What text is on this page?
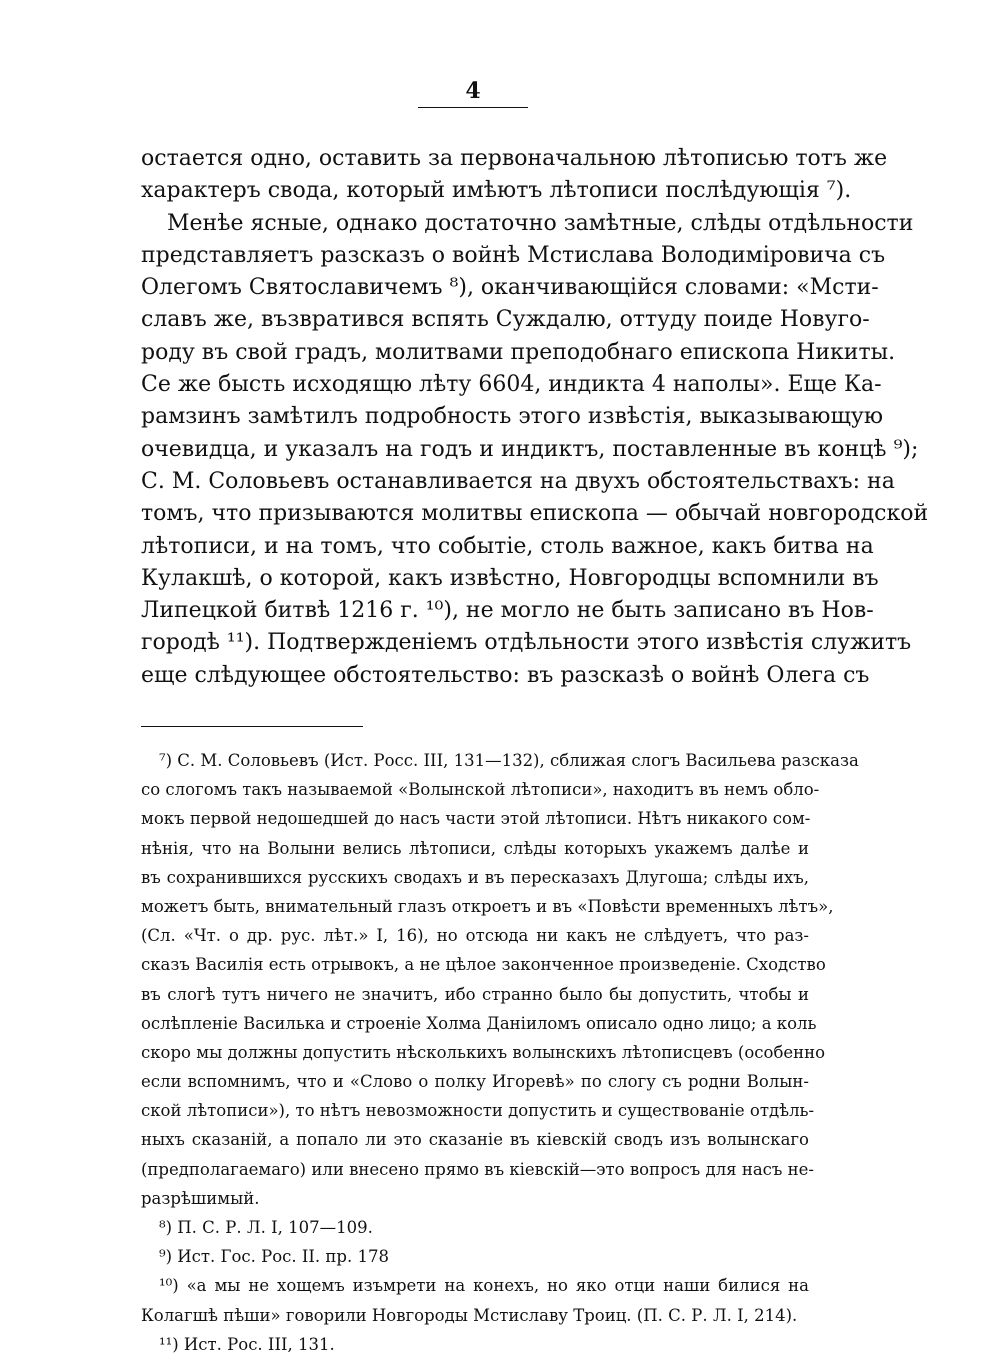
4
остается одно, оставить за первоначальною лѣтописью тотъ же
характеръ свода, который имѣютъ лѣтописи послѣдующія ⁷).
Менѣе ясные, однако достаточно замѣтные, слѣды отдѣльности
представляетъ разсказъ о войнѣ Мстислава Володиміровича съ
Олегомъ Святославичемъ ⁸), оканчивающійся словами: «Мсти-
славъ же, възвратився вспять Суждалю, оттуду поиде Новуго-
роду въ свой градъ, молитвами преподобнаго епископа Никиты.
Се же бысть исходящю лѣту 6604, индикта 4 наполы». Еще Ка-
рамзинъ замѣтилъ подробность этого извѣстія, выказывающую
очевидца, и указалъ на годъ и индиктъ, поставленные въ концѣ ⁹);
С. М. Соловьевъ останавливается на двухъ обстоятельствахъ: на
томъ, что призываются молитвы епископа — обычай новгородской
лѣтописи, и на томъ, что событіе, столь важное, какъ битва на
Кулакшѣ, о которой, какъ извѣстно, Новгородцы вспомнили въ
Липецкой битвѣ 1216 г. ¹⁰), не могло не быть записано въ Нов-
городѣ ¹¹). Подтвержденіемъ отдѣльности этого извѣстія служитъ
еще слѣдующее обстоятельство: въ разсказѣ о войнѣ Олега съ
⁷) С. М. Соловьевъ (Ист. Росс. III, 131—132), сближая слогъ Васильева разсказа
со слогомъ такъ называемой «Волынской лѣтописи», находитъ въ немъ обло-
мокъ первой недошедшей до насъ части этой лѣтописи. Нѣтъ никакого сом-
нѣнія, что на Волыни велись лѣтописи, слѣды которыхъ укажемъ далѣе и
въ сохранившихся русскихъ сводахъ и въ пересказахъ Длугоша; слѣды ихъ,
можетъ быть, внимательный глазъ откроетъ и въ «Повѣсти временныхъ лѣтъ»,
(Сл. «Чт. о др. рус. лѣт.» I, 16), но отсюда ни какъ не слѣдуетъ, что раз-
сказъ Василія есть отрывокъ, а не цѣлое законченное произведеніе. Сходство
въ слогѣ тутъ ничего не значитъ, ибо странно было бы допустить, чтобы и
ослѣпленіе Василька и строеніе Холма Даніиломъ описало одно лицо; а коль
скоро мы должны допустить нѣсколькихъ волынскихъ лѣтописцевъ (особенно
если вспомнимъ, что и «Слово о полку Игоревѣ» по слогу съ родни Волын-
ской лѣтописи»), то нѣтъ невозможности допустить и существованіе отдѣль-
ныхъ сказаній, а попало ли это сказаніе въ кіевскій сводъ изъ волынскаго
(предполагаемаго) или внесено прямо въ кіевскій—это вопросъ для насъ не-
разрѣшимый.
⁸) П. С. Р. Л. I, 107—109.
⁹) Ист. Гос. Рос. II. пр. 178
¹⁰) «а мы не хощемъ изъмрети на конехъ, но яко отци наши билися на
Колагшѣ пѣши» говорили Новгороды Мстиславу Троиц. (П. С. Р. Л. I, 214).
¹¹) Ист. Рос. III, 131.
